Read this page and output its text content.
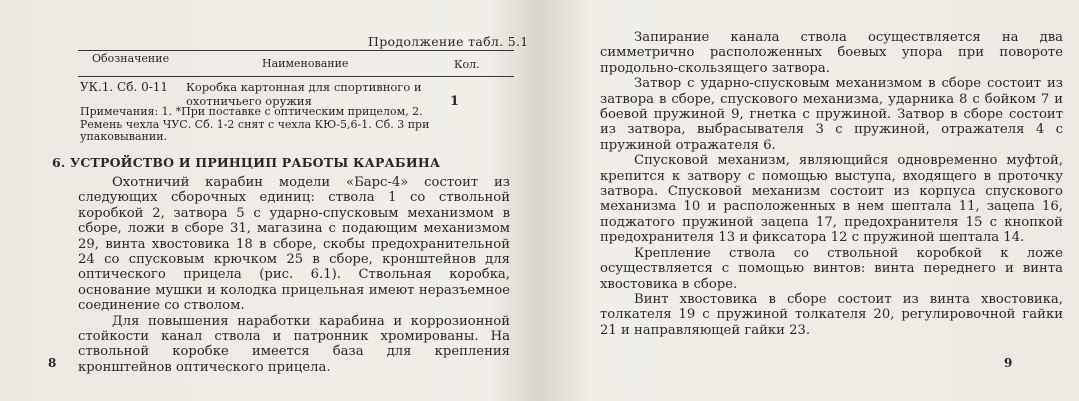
Продолжение табл. 5.1
Обозначение	Наименование	Кол.
УК.1. Сб. 0-11 Коробка картонная для спортивного и охотничьего оружия	1
Примечания: 1. *При поставке с оптическим прицелом, 2. Ремень чехла ЧУС. Сб. 1-2 снят с чехла КЮ-5,6-1. Сб. 3 при упаковывании.
6. УСТРОЙСТВО И ПРИНЦИП РАБОТЫ КАРАБИНА

Охотничий карабин модели «Барс-4» состоит из следующих сборочных единиц: ствола 1 со ствольной коробкой 2, затвора 5 с ударно-спусковым механизмом в сборе, ложи в сборе 31, магазина с подающим механизмом 29, винта хвостовика 18 в сборе, скобы предохранительной 24 со спусковым крючком 25 в сборе, кронштейнов для оптического прицела (рис. 6.1). Ствольная коробка, основание мушки и колодка прицельная имеют неразъемное соединение со стволом.

Для повышения наработки карабина и коррозионной стойкости канал ствола и патронник хромированы. На ствольной коробке имеется база для крепления кронштейнов оптического прицела.

8

Запирание канала ствола осуществляется на два симметрично расположенных боевых упора при повороте продольно-скользящего затвора.

Затвор с ударно-спусковым механизмом в сборе состоит из затвора в сборе, спускового механизма, ударника 8 с бойком 7 и боевой пружиной 9, гнетка с пружиной. Затвор в сборе состоит из затвора, выбрасывателя 3 с пружиной, отражателя 4 с пружиной отражателя 6.

Спусковой механизм, являющийся одновременно муфтой, крепится к затвору с помощью выступа, входящего в проточку затвора. Спусковой механизм состоит из корпуса спускового механизма 10 и расположенных в нем шептала 11, зацепа 16, поджатого пружиной зацепа 17, предохранителя 15 с кнопкой предохранителя 13 и фиксатора 12 с пружиной шептала 14.

Крепление ствола со ствольной коробкой к ложе осуществляется с помощью винтов: винта переднего и винта хвостовика в сборе.

Винт хвостовика в сборе состоит из винта хвостовика, толкателя 19 с пружиной толкателя 20, регулировочной гайки 21 и направляющей гайки 23.

9
